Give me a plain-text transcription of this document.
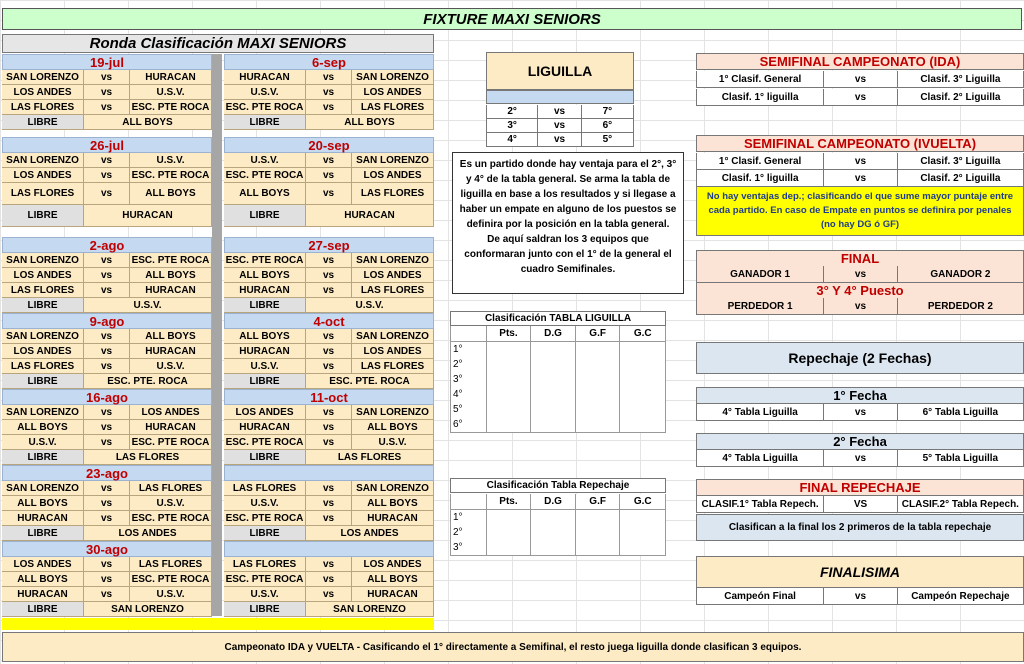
FIXTURE MAXI SENIORS
Ronda Clasificación MAXI SENIORS
19-jul
SAN LORENZO	vs	HURACAN
LOS ANDES	vs	U.S.V.
LAS FLORES	vs	ESC. PTE ROCA
LIBRE	ALL BOYS
6-sep
HURACAN	vs	SAN LORENZO
U.S.V.	vs	LOS ANDES
ESC. PTE ROCA	vs	LAS FLORES
LIBRE	ALL BOYS
26-jul
SAN LORENZO	vs	U.S.V.
LOS ANDES	vs	ESC. PTE ROCA
LAS FLORES	vs	ALL BOYS
LIBRE	HURACAN
20-sep
U.S.V.	vs	SAN LORENZO
ESC. PTE ROCA	vs	LOS ANDES
ALL BOYS	vs	LAS FLORES
LIBRE	HURACAN
2-ago
SAN LORENZO	vs	ESC. PTE ROCA
LOS ANDES	vs	ALL BOYS
LAS FLORES	vs	HURACAN
LIBRE	U.S.V.
27-sep
ESC. PTE ROCA	vs	SAN LORENZO
ALL BOYS	vs	LOS ANDES
HURACAN	vs	LAS FLORES
LIBRE	U.S.V.
9-ago
SAN LORENZO	vs	ALL BOYS
LOS ANDES	vs	HURACAN
LAS FLORES	vs	U.S.V.
LIBRE	ESC. PTE. ROCA
4-oct
ALL BOYS	vs	SAN LORENZO
HURACAN	vs	LOS ANDES
U.S.V.	vs	LAS FLORES
LIBRE	ESC. PTE. ROCA
16-ago
SAN LORENZO	vs	LOS ANDES
ALL BOYS	vs	HURACAN
U.S.V.	vs	ESC. PTE ROCA
LIBRE	LAS FLORES
11-oct
LOS ANDES	vs	SAN LORENZO
HURACAN	vs	ALL BOYS
ESC. PTE ROCA	vs	U.S.V.
LIBRE	LAS FLORES
23-ago
SAN LORENZO	vs	LAS FLORES
ALL BOYS	vs	U.S.V.
HURACAN	vs	ESC. PTE ROCA
LIBRE	LOS ANDES
LAS FLORES	vs	SAN LORENZO
U.S.V.	vs	ALL BOYS
ESC. PTE ROCA	vs	HURACAN
LIBRE	LOS ANDES
30-ago
LOS ANDES	vs	LAS FLORES
ALL BOYS	vs	ESC. PTE ROCA
HURACAN	vs	U.S.V.
LIBRE	SAN LORENZO
LAS FLORES	vs	LOS ANDES
ESC. PTE ROCA	vs	ALL BOYS
U.S.V.	vs	HURACAN
LIBRE	SAN LORENZO
LIGUILLA
2°	vs	7°
3°	vs	6°
4°	vs	5°
Es un partido donde hay ventaja para el 2°, 3° y 4° de la tabla general. Se arma la tabla de liguilla en base a los resultados y si llegase a haber un empate en alguno de los puestos se definira por la posición en la tabla general. De aquí saldran los 3 equipos que conformaran junto con el 1° de la general el cuadro Semifinales.
Clasificación TABLA LIGUILLA
Pts.	D.G	G.F	G.C
1°
2°
3°
4°
5°
6°
Clasificación Tabla Repechaje
Pts.	D.G	G.F	G.C
1°
2°
3°
SEMIFINAL CAMPEONATO (IDA)
1° Clasif. General	vs	Clasif. 3° Liguilla
Clasif. 1° liguilla	vs	Clasif. 2° Liguilla
SEMIFINAL CAMPEONATO (IVUELTA)
1° Clasif. General	vs	Clasif. 3° Liguilla
Clasif. 1° liguilla	vs	Clasif. 2° Liguilla
No hay ventajas dep.; clasificando el que sume mayor puntaje entre cada partido. En caso de Empate en puntos se definira por penales (no hay DG ó GF)
FINAL
GANADOR 1	vs	GANADOR 2
3° Y 4° Puesto
PERDEDOR 1	vs	PERDEDOR 2
Repechaje (2 Fechas)
1° Fecha
4° Tabla Liguilla	vs	6° Tabla Liguilla
2° Fecha
4° Tabla Liguilla	vs	5° Tabla Liguilla
FINAL REPECHAJE
CLASIF.1° Tabla Repech.	VS	CLASIF.2° Tabla Repech.
Clasifican a la final los 2 primeros de la tabla repechaje
FINALISIMA
Campeón Final	vs	Campeón Repechaje
Campeonato IDA y VUELTA - Casificando el 1° directamente a Semifinal, el resto juega liguilla donde clasifican 3 equipos.
